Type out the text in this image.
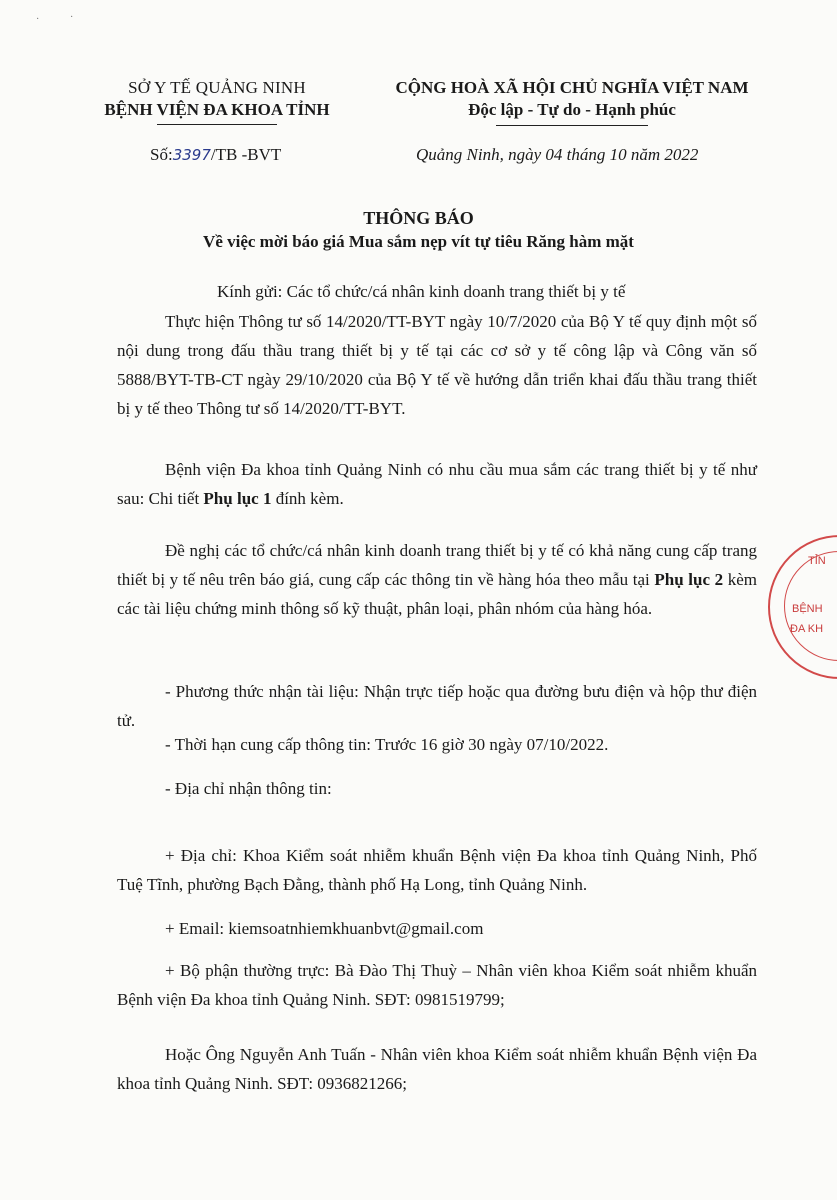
·	·
SỞ Y TẾ QUẢNG NINH
BỆNH VIỆN ĐA KHOA TỈNH
CỘNG HOÀ XÃ HỘI CHỦ NGHĨA VIỆT NAM
Độc lập - Tự do - Hạnh phúc
Số:3397/TB -BVT	Quảng Ninh, ngày 04 tháng 10 năm 2022
THÔNG BÁO
Về việc mời báo giá Mua sắm nẹp vít tự tiêu Răng hàm mặt
Kính gửi: Các tổ chức/cá nhân kinh doanh trang thiết bị y tế
Thực hiện Thông tư số 14/2020/TT-BYT ngày 10/7/2020 của Bộ Y tế quy định một số nội dung trong đấu thầu trang thiết bị y tế tại các cơ sở y tế công lập và Công văn số 5888/BYT-TB-CT ngày 29/10/2020 của Bộ Y tế về hướng dẫn triển khai đấu thầu trang thiết bị y tế theo Thông tư số 14/2020/TT-BYT.
Bệnh viện Đa khoa tỉnh Quảng Ninh có nhu cầu mua sắm các trang thiết bị y tế như sau: Chi tiết Phụ lục 1 đính kèm.
Đề nghị các tổ chức/cá nhân kinh doanh trang thiết bị y tế có khả năng cung cấp trang thiết bị y tế nêu trên báo giá, cung cấp các thông tin về hàng hóa theo mẫu tại Phụ lục 2 kèm các tài liệu chứng minh thông số kỹ thuật, phân loại, phân nhóm của hàng hóa.
- Phương thức nhận tài liệu: Nhận trực tiếp hoặc qua đường bưu điện và hộp thư điện tử.
- Thời hạn cung cấp thông tin: Trước 16 giờ 30 ngày 07/10/2022.
- Địa chỉ nhận thông tin:
+ Địa chỉ: Khoa Kiểm soát nhiễm khuẩn Bệnh viện Đa khoa tỉnh Quảng Ninh, Phố Tuệ Tĩnh, phường Bạch Đằng, thành phố Hạ Long, tỉnh Quảng Ninh.
+ Email: kiemsoatnhiemkhuanbvt@gmail.com
+ Bộ phận thường trực: Bà Đào Thị Thuỳ – Nhân viên khoa Kiểm soát nhiễm khuẩn Bệnh viện Đa khoa tỉnh Quảng Ninh. SĐT: 0981519799;
Hoặc Ông Nguyễn Anh Tuấn - Nhân viên khoa Kiểm soát nhiễm khuẩn Bệnh viện Đa khoa tỉnh Quảng Ninh. SĐT: 0936821266;
TỈN
BỆNH
ĐA KH
